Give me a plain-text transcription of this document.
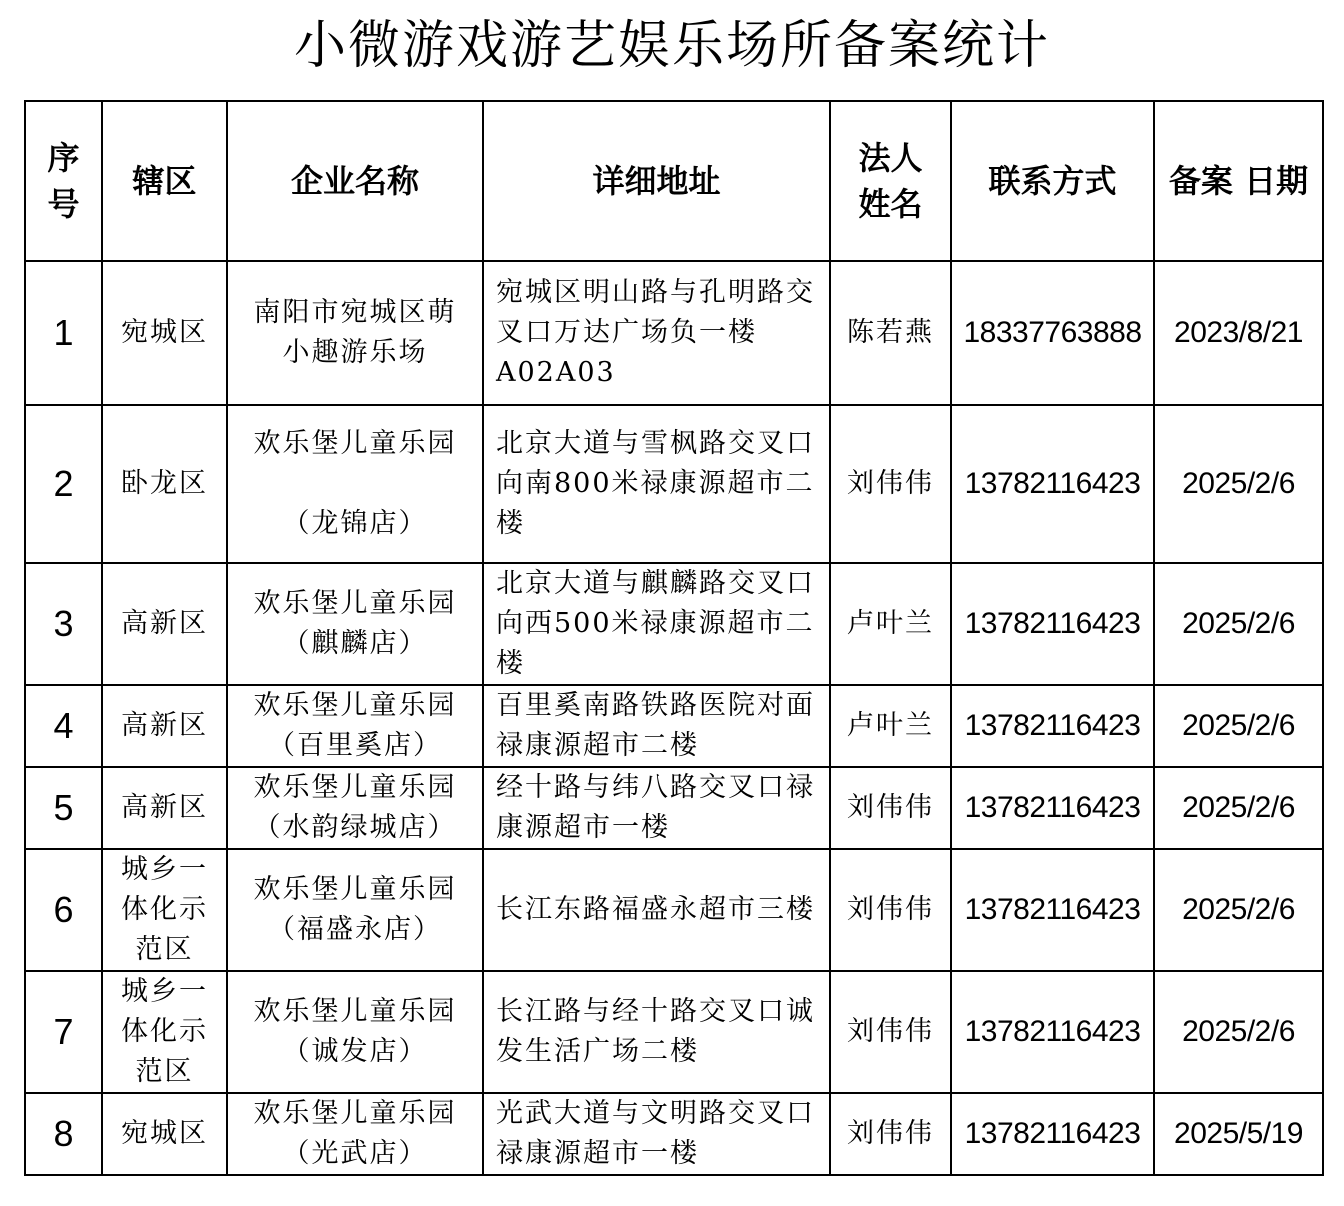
小微游戏游艺娱乐场所备案统计
序 号	辖区	企业名称	详细地址	法人 姓名	联系方式	备案 日期
1	宛城区	南阳市宛城区萌
小趣游乐场	宛城区明山路与孔明路交叉口万达广场负一楼A02A03	陈若燕	18337763888	2023/8/21
2	卧龙区	欢乐堡儿童乐园

（龙锦店）	北京大道与雪枫路交叉口向南800米禄康源超市二楼	刘伟伟	13782116423	2025/2/6
3	高新区	欢乐堡儿童乐园
（麒麟店）	北京大道与麒麟路交叉口向西500米禄康源超市二楼	卢叶兰	13782116423	2025/2/6
4	高新区	欢乐堡儿童乐园
（百里奚店）	百里奚南路铁路医院对面禄康源超市二楼	卢叶兰	13782116423	2025/2/6
5	高新区	欢乐堡儿童乐园
（水韵绿城店）	经十路与纬八路交叉口禄康源超市一楼	刘伟伟	13782116423	2025/2/6
6	城乡一
体化示
范区	欢乐堡儿童乐园
（福盛永店）	长江东路福盛永超市三楼	刘伟伟	13782116423	2025/2/6
7	城乡一
体化示
范区	欢乐堡儿童乐园
（诚发店）	长江路与经十路交叉口诚发生活广场二楼	刘伟伟	13782116423	2025/2/6
8	宛城区	欢乐堡儿童乐园
（光武店）	光武大道与文明路交叉口禄康源超市一楼	刘伟伟	13782116423	2025/5/19
